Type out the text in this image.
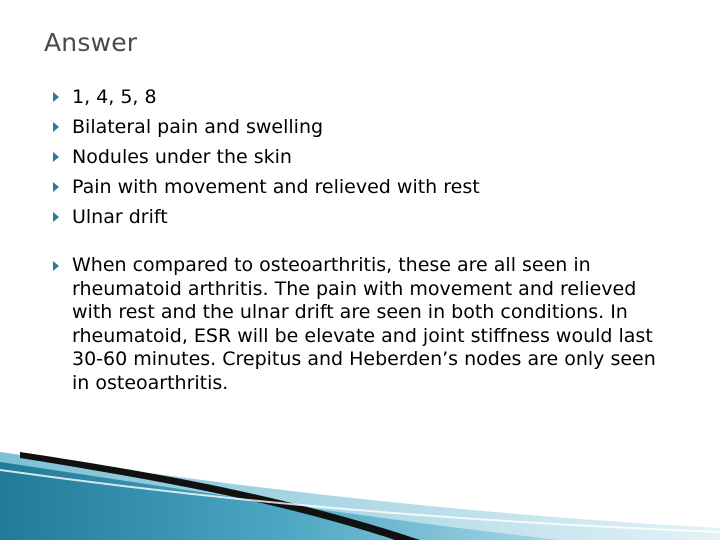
Answer
1, 4, 5, 8
Bilateral pain and swelling
Nodules under the skin
Pain with movement and relieved with rest
Ulnar drift
When compared to osteoarthritis, these are all seen in rheumatoid arthritis. The pain with movement and relieved with rest and the ulnar drift are seen in both conditions. In rheumatoid, ESR will be elevate and joint stiffness would last 30-60 minutes. Crepitus and Heberden’s nodes are only seen in osteoarthritis.
